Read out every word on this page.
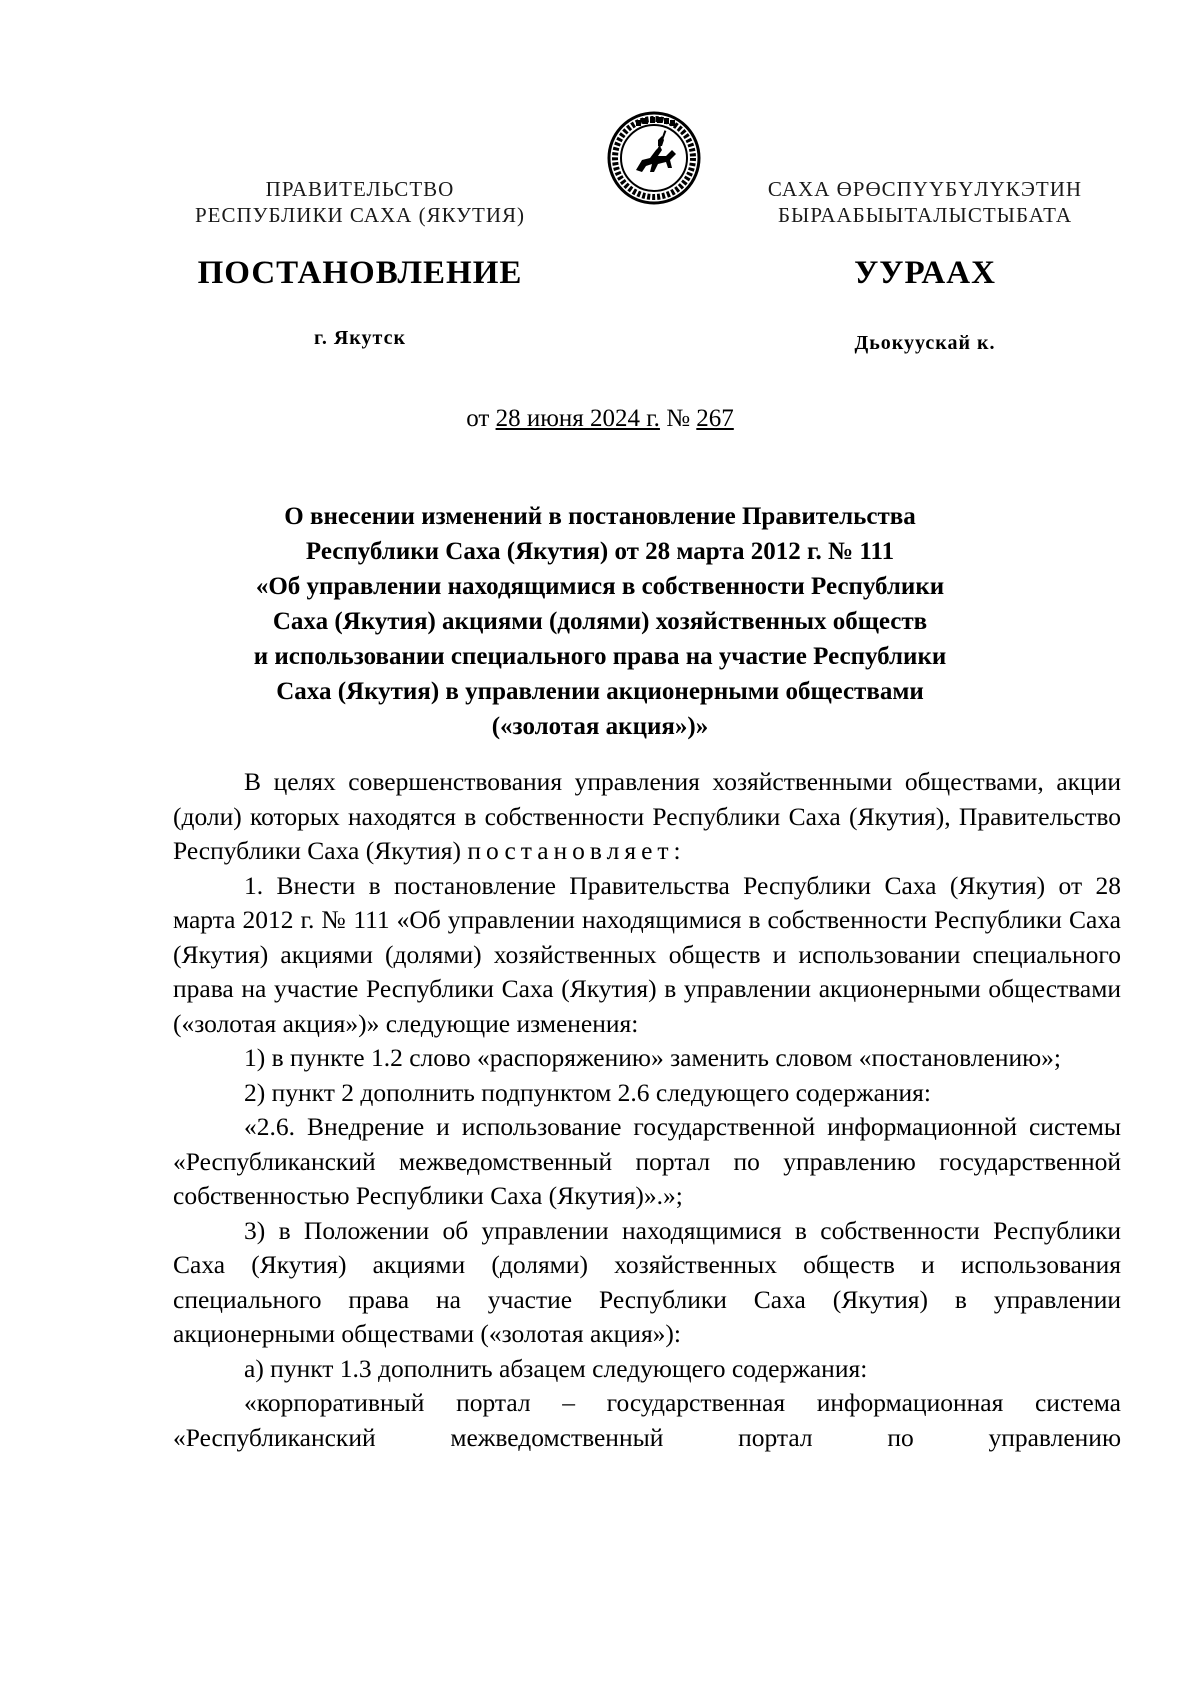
ПРАВИТЕЛЬСТВО
РЕСПУБЛИКИ САХА (ЯКУТИЯ)
САХА ӨРӨСПҮҮБҮЛҮКЭТИН
БЫРААБЫЫТАЛЫСТЫБАТА
ПОСТАНОВЛЕНИЕ	УУРААХ
г. Якутск	Дьокуускай к.
от 28 июня 2024 г. № 267
О внесении изменений в постановление Правительства
Республики Саха (Якутия) от 28 марта 2012 г. № 111
«Об управлении находящимися в собственности Республики
Саха (Якутия) акциями (долями) хозяйственных обществ
и использовании специального права на участие Республики
Саха (Якутия) в управлении акционерными обществами
(«золотая акция»)»

В целях совершенствования управления хозяйственными обществами, акции (доли) которых находятся в собственности Республики Саха (Якутия), Правительство Республики Саха (Якутия) постановляет:

1. Внести в постановление Правительства Республики Саха (Якутия) от 28 марта 2012 г. № 111 «Об управлении находящимися в собственности Республики Саха (Якутия) акциями (долями) хозяйственных обществ и использовании специального права на участие Республики Саха (Якутия) в управлении акционерными обществами («золотая акция»)» следующие изменения:

1) в пункте 1.2 слово «распоряжению» заменить словом «постановлению»;

2) пункт 2 дополнить подпунктом 2.6 следующего содержания:

«2.6. Внедрение и использование государственной информационной системы «Республиканский межведомственный портал по управлению государственной собственностью Республики Саха (Якутия)».»;

3) в Положении об управлении находящимися в собственности Республики Саха (Якутия) акциями (долями) хозяйственных обществ и использования специального права на участие Республики Саха (Якутия) в управлении акционерными обществами («золотая акция»):

а) пункт 1.3 дополнить абзацем следующего содержания:

«корпоративный портал – государственная информационная система «Республиканский межведомственный портал по управлению
